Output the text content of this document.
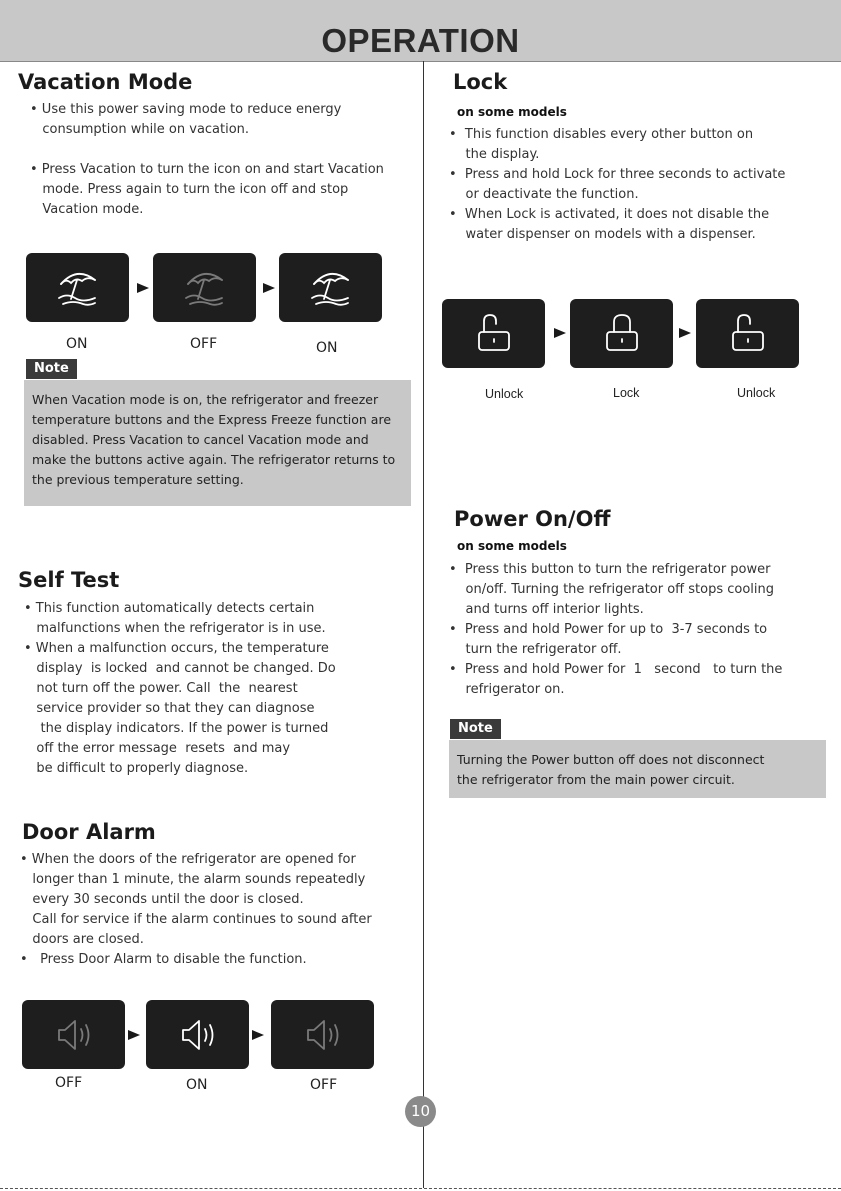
OPERATION
Vacation Mode
• Use this power saving mode to reduce energy
consumption while on vacation.

• Press Vacation to turn the icon on and start Vacation
mode. Press again to turn the icon off and stop
Vacation mode.
ON	OFF	ON
Note
When Vacation mode is on, the refrigerator and freezer
temperature buttons and the Express Freeze function are
disabled. Press Vacation to cancel Vacation mode and
make the buttons active again. The refrigerator returns to
the previous temperature setting.
Self Test
• This function automatically detects certain
malfunctions when the refrigerator is in use.
• When a malfunction occurs, the temperature
display  is locked  and cannot be changed. Do
not turn off the power. Call  the  nearest
service provider so that they can diagnose
the display indicators. If the power is turned
off the error message  resets  and may
be difficult to properly diagnose.
Door Alarm
• When the doors of the refrigerator are opened for
longer than 1 minute, the alarm sounds repeatedly
every 30 seconds until the door is closed.
Call for service if the alarm continues to sound after
doors are closed.
•   Press Door Alarm to disable the function.
OFF	ON	OFF
Lock
on some models
•  This function disables every other button on
the display.
•  Press and hold Lock for three seconds to activate
or deactivate the function.
•  When Lock is activated, it does not disable the
water dispenser on models with a dispenser.
Unlock	Lock	Unlock
Power On/Off
on some models
•  Press this button to turn the refrigerator power
on/off. Turning the refrigerator off stops cooling
and turns off interior lights.
•  Press and hold Power for up to  3-7 seconds to
turn the refrigerator off.
•  Press and hold Power for  1   second   to turn the
refrigerator on.
Note
Turning the Power button off does not disconnect
the refrigerator from the main power circuit.
10
